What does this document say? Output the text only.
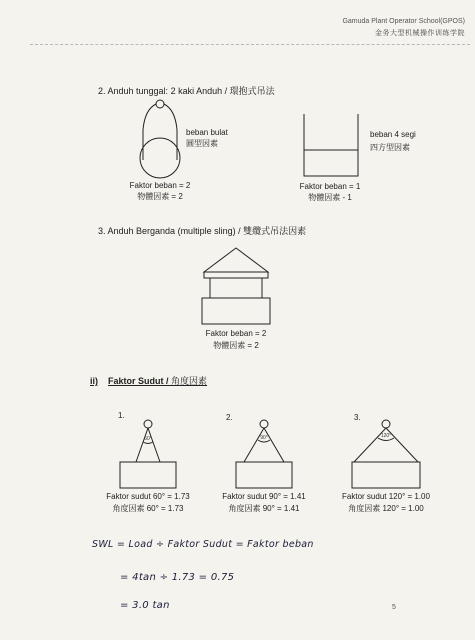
Gamuda Plant Operator School(GPOS)
金务大型机械操作训练学院
2. Anduh tunggal: 2 kaki Anduh / 環抱式吊法
beban bulat
圓型因素
Faktor beban = 2
物體因素 = 2
beban 4 segi
四方型因素
Faktor beban = 1
物體因素 - 1
3. Anduh Berganda (multiple sling) / 雙纜式吊法因素
Faktor beban = 2
物體因素 = 2
ii) Faktor Sudut / 角度因素
1.
60°
Faktor sudut 60° = 1.73
角度因素 60° = 1.73
2.
90°
Faktor sudut 90° = 1.41
角度因素 90° = 1.41
3.
120°
Faktor sudut 120° = 1.00
角度因素 120° = 1.00
SWL = Load ÷ Faktor Sudut = Faktor beban
= 4tan ÷ 1.73 = 0.75
= 3.0 tan	5
